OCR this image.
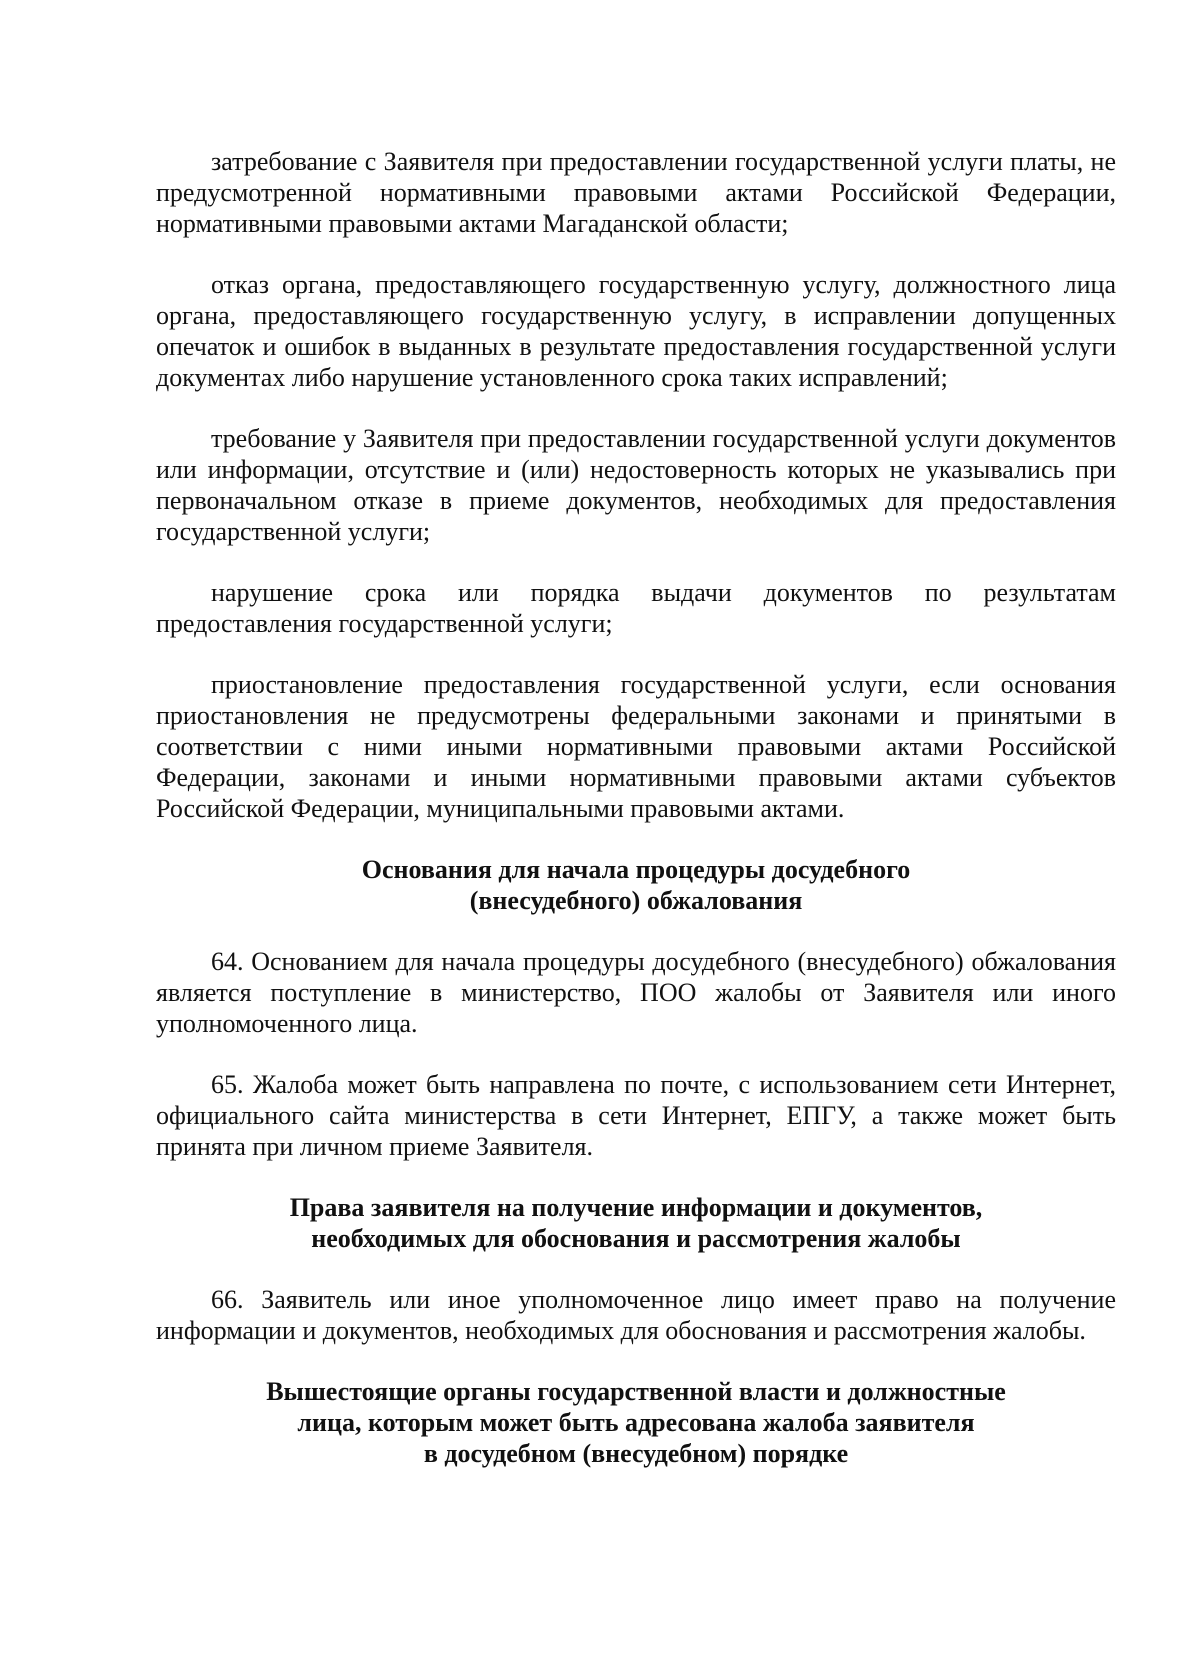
затребование с Заявителя при предоставлении государственной услуги платы, не предусмотренной нормативными правовыми актами Российской Федерации, нормативными правовыми актами Магаданской области;

отказ органа, предоставляющего государственную услугу, должностного лица органа, предоставляющего государственную услугу, в исправлении допущенных опечаток и ошибок в выданных в результате предоставления государственной услуги документах либо нарушение установленного срока таких исправлений;

требование у Заявителя при предоставлении государственной услуги документов или информации, отсутствие и (или) недостоверность которых не указывались при первоначальном отказе в приеме документов, необходимых для предоставления государственной услуги;

нарушение срока или порядка выдачи документов по результатам предоставления государственной услуги;

приостановление предоставления государственной услуги, если основания приостановления не предусмотрены федеральными законами и принятыми в соответствии с ними иными нормативными правовыми актами Российской Федерации, законами и иными нормативными правовыми актами субъектов Российской Федерации, муниципальными правовыми актами.

Основания для начала процедуры досудебного
(внесудебного) обжалования

64. Основанием для начала процедуры досудебного (внесудебного) обжалования является поступление в министерство, ПОО жалобы от Заявителя или иного уполномоченного лица.

65. Жалоба может быть направлена по почте, с использованием сети Интернет, официального сайта министерства в сети Интернет, ЕПГУ, а также может быть принята при личном приеме Заявителя.

Права заявителя на получение информации и документов,
необходимых для обоснования и рассмотрения жалобы

66. Заявитель или иное уполномоченное лицо имеет право на получение информации и документов, необходимых для обоснования и рассмотрения жалобы.

Вышестоящие органы государственной власти и должностные
лица, которым может быть адресована жалоба заявителя
в досудебном (внесудебном) порядке
